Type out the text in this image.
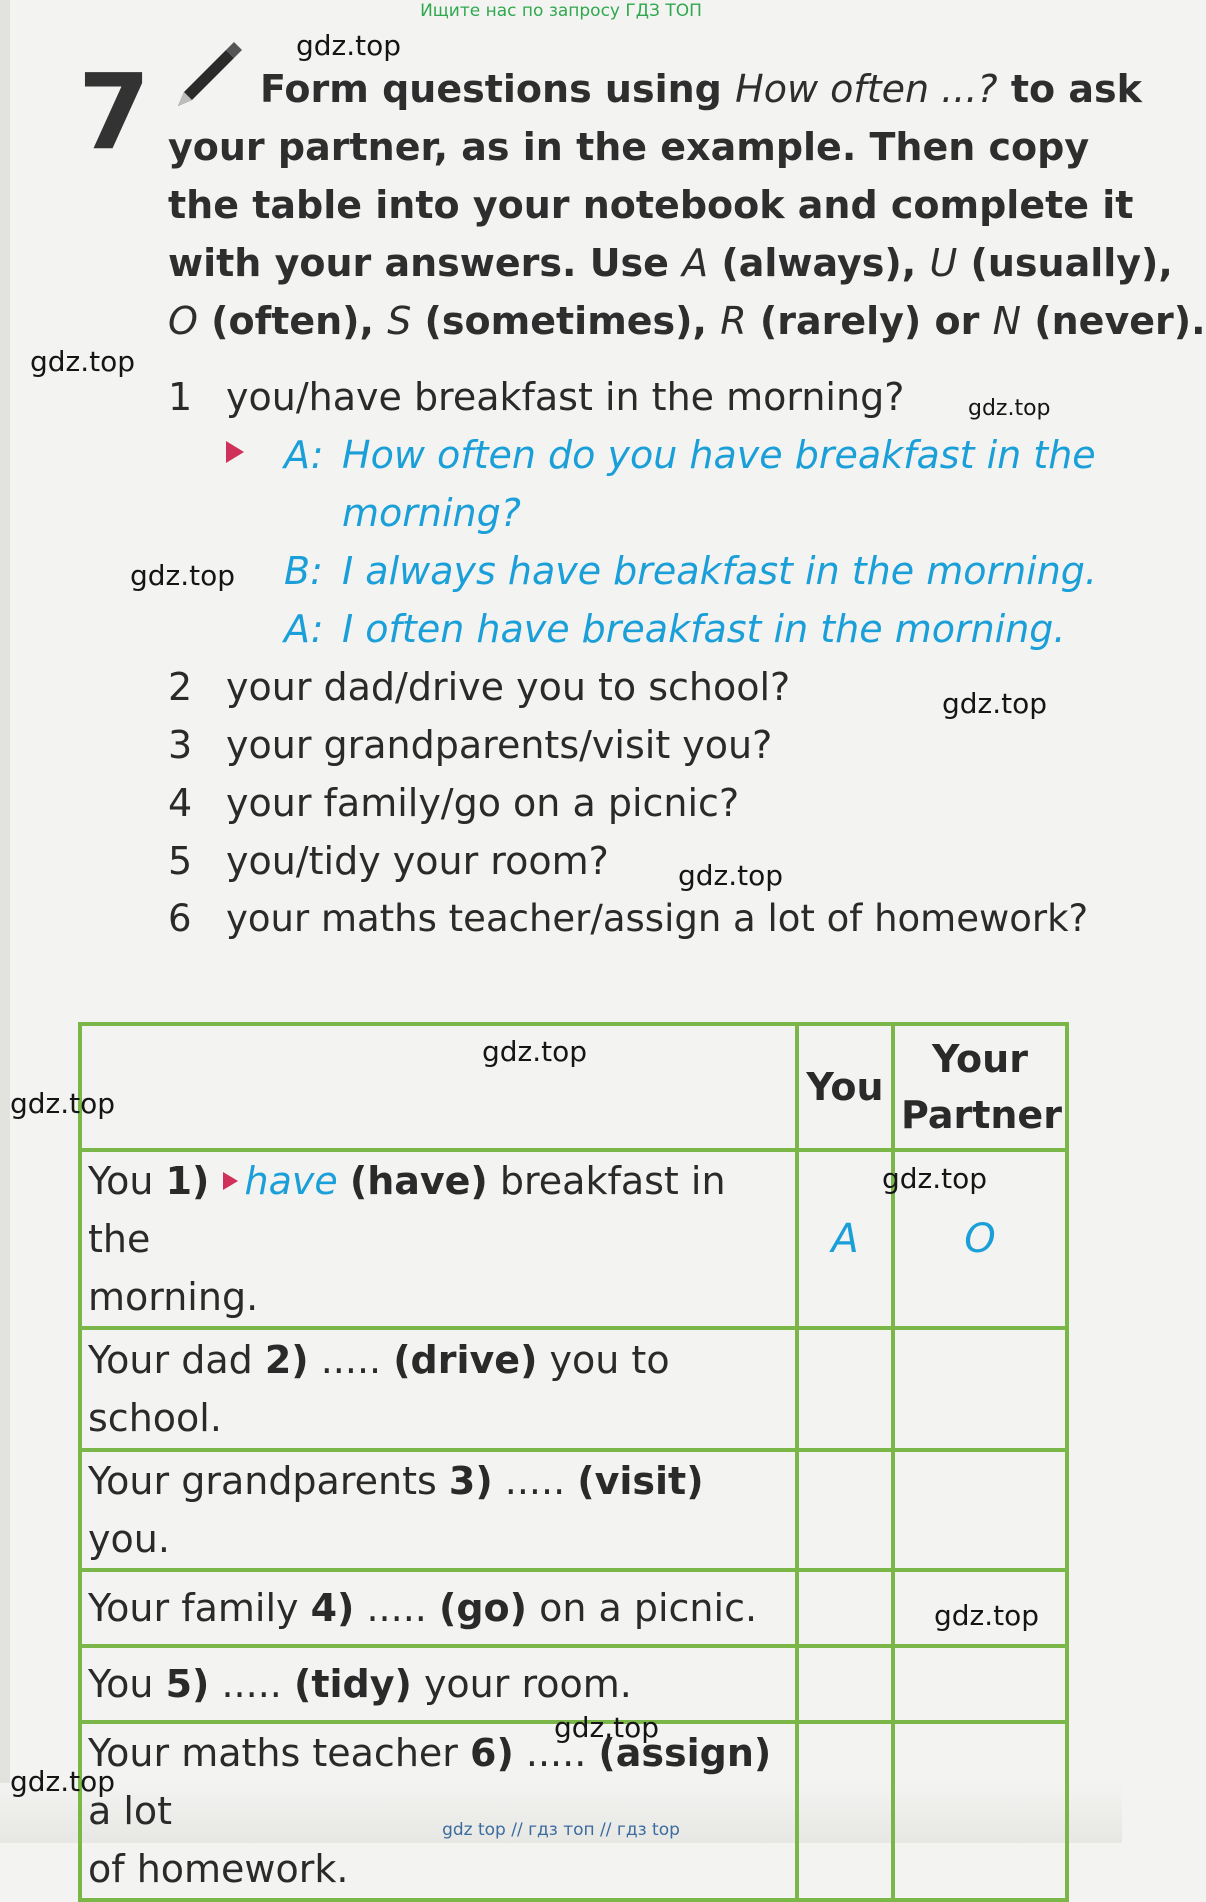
Ищите нас по запросу ГДЗ ТОП
7	Form questions using How often ...? to ask
your partner, as in the example. Then copy
the table into your notebook and complete it
with your answers. Use A (always), U (usually),
O (often), S (sometimes), R (rarely) or N (never).
1 you/have breakfast in the morning?
A: How often do you have breakfast in the
morning?
B: I always have breakfast in the morning.
A: I often have breakfast in the morning.
2 your dad/drive you to school?
3 your grandparents/visit you?
4 your family/go on a picnic?
5 you/tidy your room?
6 your maths teacher/assign a lot of homework?
	You	Your
Partner
You 1) have (have) breakfast in the
morning.	A	O
Your dad 2) ..... (drive) you to school.		
Your grandparents 3) ..... (visit) you.		
Your family 4) ..... (go) on a picnic.		
You 5) ..... (tidy) your room.		
Your maths teacher 6) ..... (assign) a lot
of homework.		
gdz.top
gdz.top
gdz.top
gdz.top
gdz.top
gdz.top
gdz.top
gdz.top
gdz.top
gdz.top
gdz.top
gdz.top
gdz top // гдз топ // гдз top
